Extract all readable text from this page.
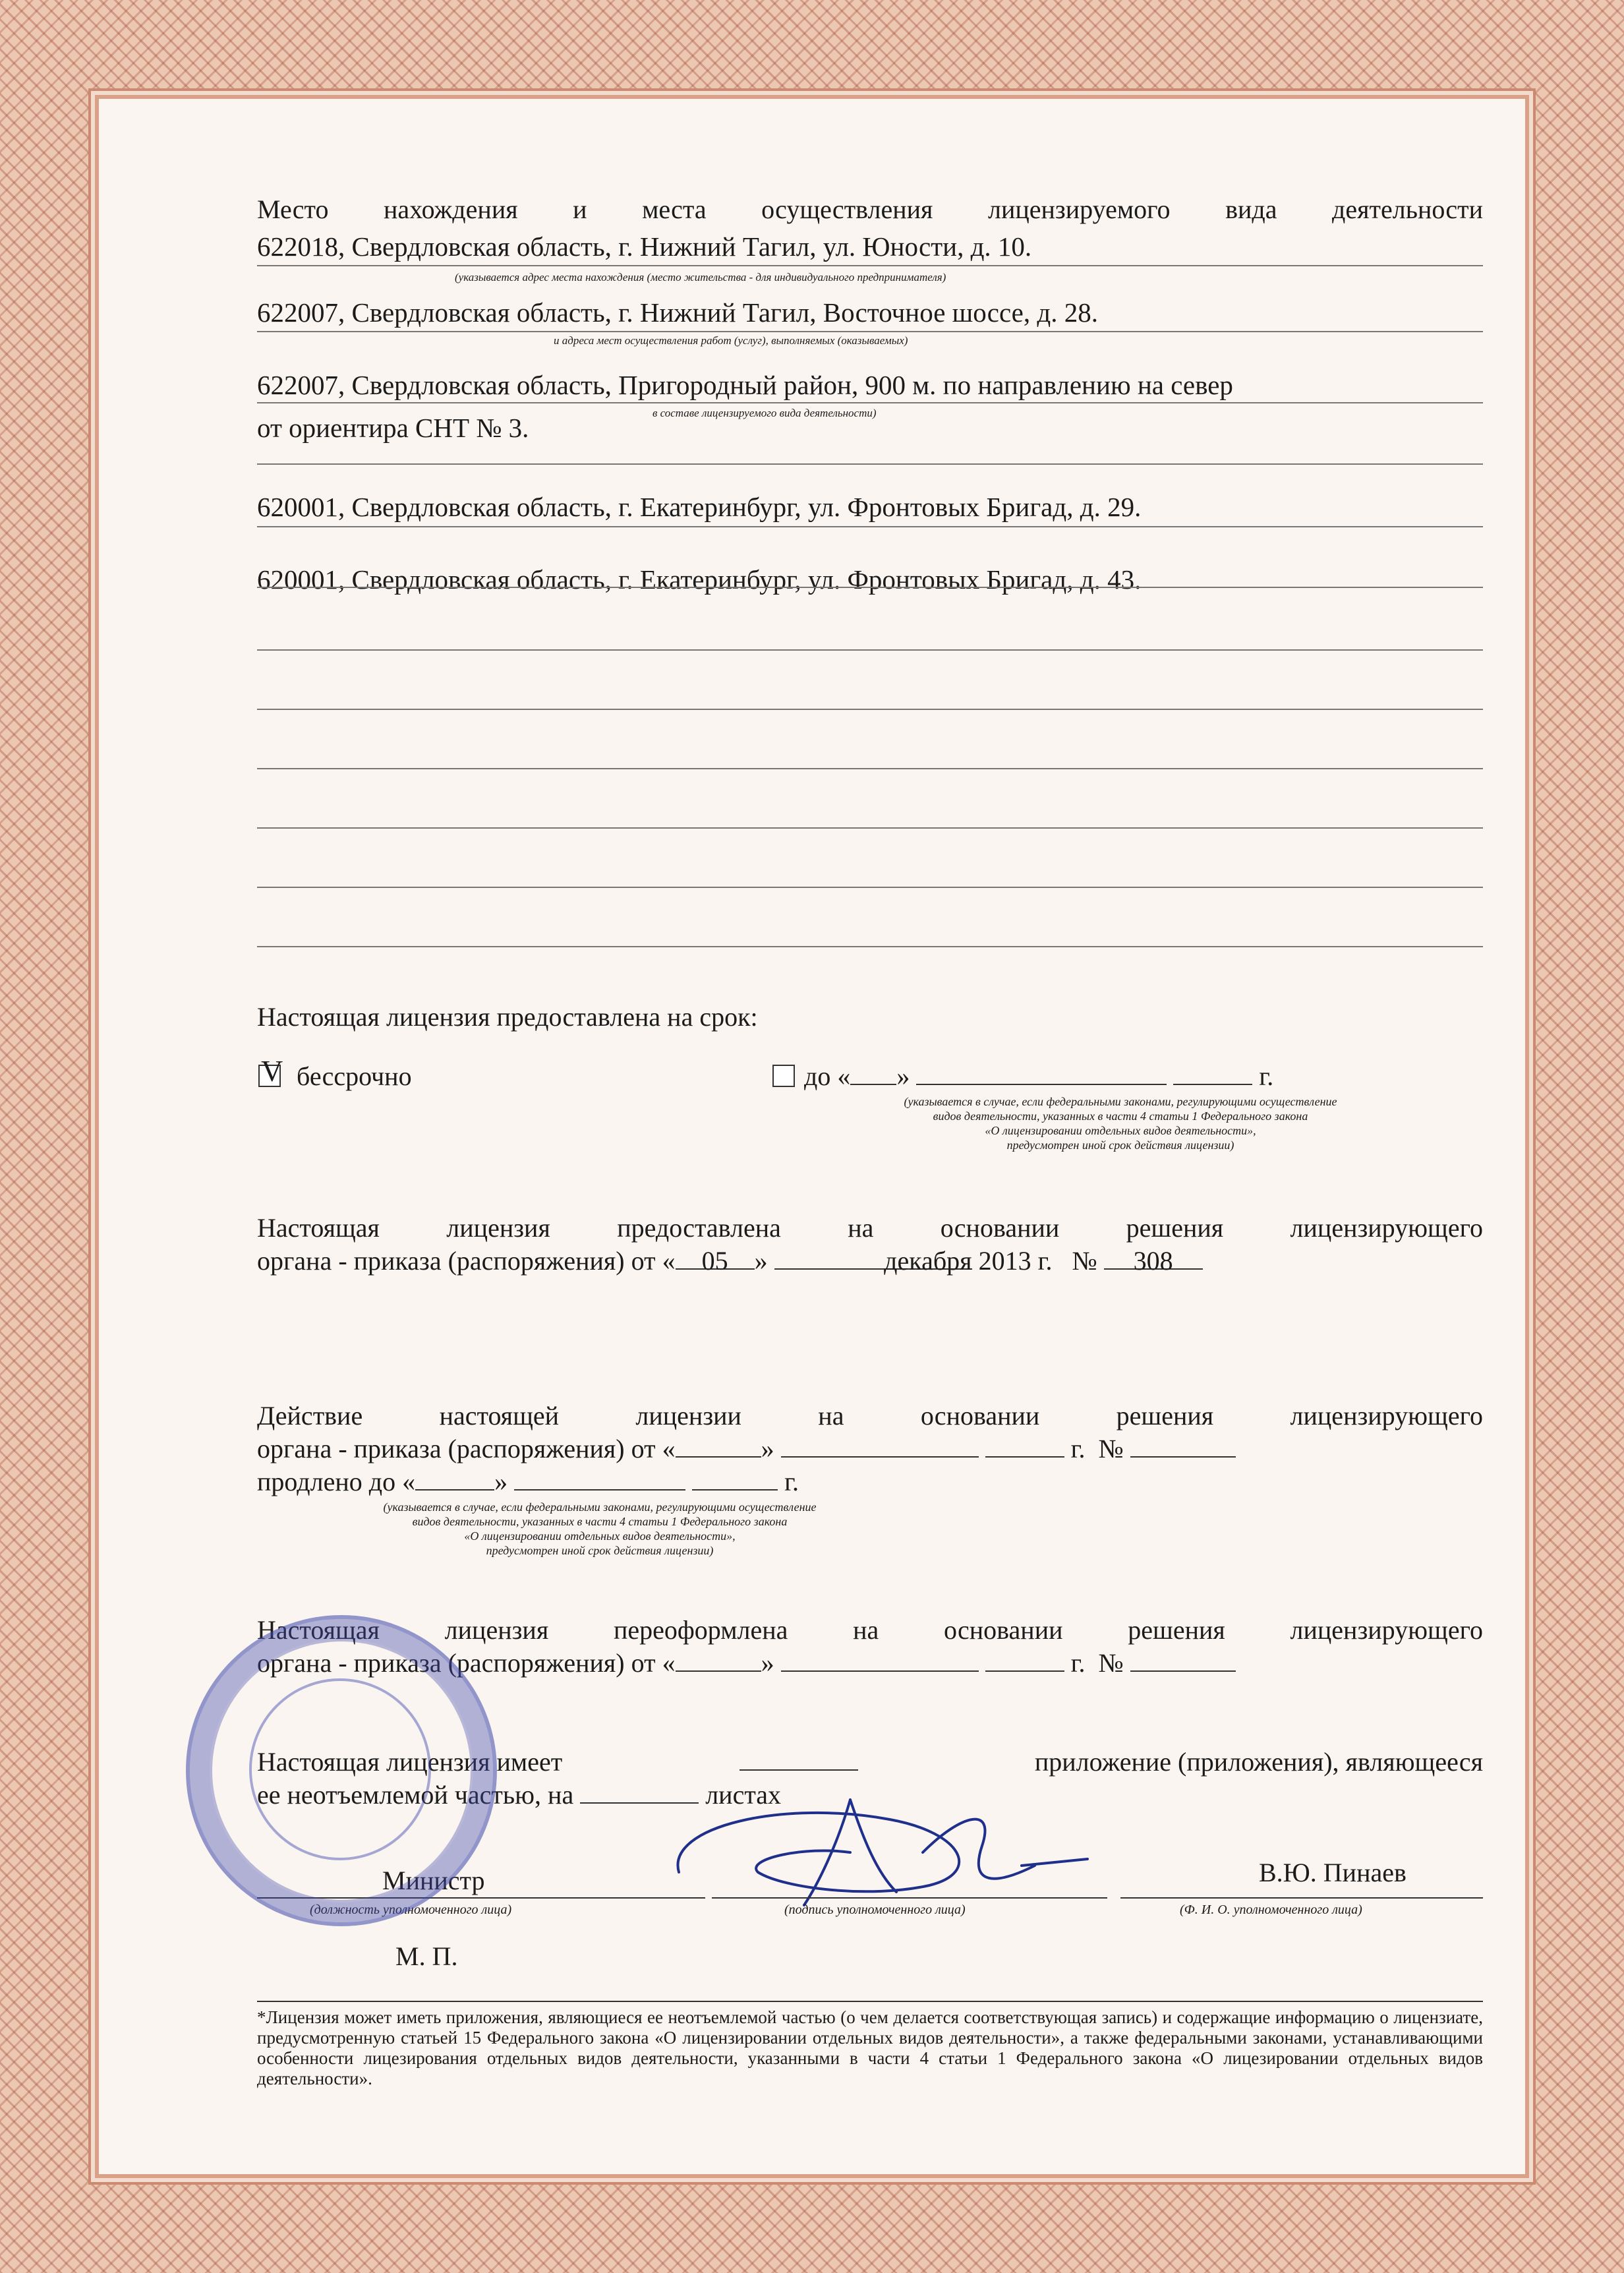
Место нахождения и места осуществления лицензируемого вида деятельности
622018, Свердловская область, г. Нижний Тагил, ул. Юности, д. 10.
(указывается адрес места нахождения (место жительства - для индивидуального предпринимателя)
622007, Свердловская область, г. Нижний Тагил, Восточное шоссе, д. 28.
и адреса мест осуществления работ (услуг), выполняемых (оказываемых)
622007, Свердловская область, Пригородный район, 900 м. по направлению на север
в составе лицензируемого вида деятельности)
от ориентира СНТ № 3.
620001, Свердловская область, г. Екатеринбург, ул. Фронтовых Бригад, д. 29.
620001, Свердловская область, г. Екатеринбург, ул. Фронтовых Бригад, д. 43.
Настоящая лицензия предоставлена на срок:
V бессрочно	до « »	г.
(указывается в случае, если федеральными законами, регулирующими осуществление
видов деятельности, указанных в части 4 статьи 1 Федерального закона
«О лицензировании отдельных видов деятельности»,
предусмотрен иной срок действия лицензии)
Настоящая лицензия предоставлена на основании решения лицензирующего
органа - приказа (распоряжения) от « 05 »	декабря 2013 г. № 308
Действие настоящей лицензии на основании решения лицензирующего
органа - приказа (распоряжения) от «	»	г. №
продлено до «	»	г.
(указывается в случае, если федеральными законами, регулирующими осуществление
видов деятельности, указанных в части 4 статьи 1 Федерального закона
«О лицензировании отдельных видов деятельности»,
предусмотрен иной срок действия лицензии)
Настоящая лицензия переоформлена на основании решения лицензирующего
органа - приказа (распоряжения) от «	»	г. №
Настоящая лицензия имеет	приложение (приложения), являющееся
ее неотъемлемой частью, на	листах
Министр
(должность уполномоченного лица)	(подпись уполномоченного лица)
В.Ю. Пинаев
(Ф. И. О. уполномоченного лица)
М. П.
*Лицензия может иметь приложения, являющиеся ее неотъемлемой частью (о чем делается соответствующая запись) и содержащие информацию о лицензиате, предусмотренную статьей 15 Федерального закона «О лицензировании отдельных видов деятельности», а также федеральными законами, устанавливающими особенности лицезирования отдельных видов деятельности, указанными в части 4 статьи 1 Федерального закона «О лицезировании отдельных видов деятельности».
